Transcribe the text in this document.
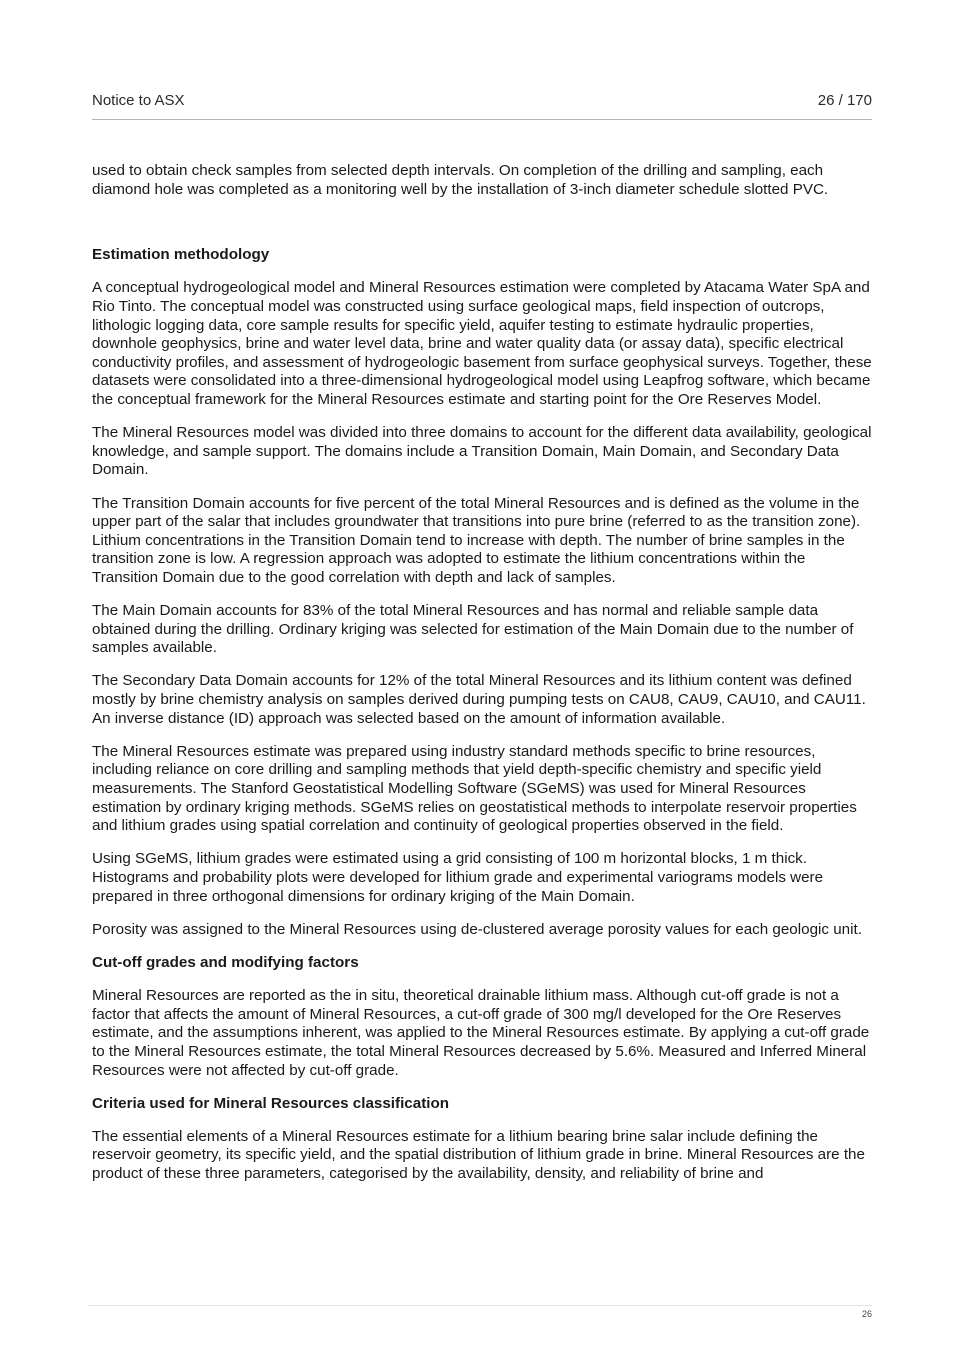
Notice to ASX	26 / 170

used to obtain check samples from selected depth intervals. On completion of the drilling and sampling, each diamond hole was completed as a monitoring well by the installation of 3-inch diameter schedule slotted PVC.

Estimation methodology

A conceptual hydrogeological model and Mineral Resources estimation were completed by Atacama Water SpA and Rio Tinto. The conceptual model was constructed using surface geological maps, field inspection of outcrops, lithologic logging data, core sample results for specific yield, aquifer testing to estimate hydraulic properties, downhole geophysics, brine and water level data, brine and water quality data (or assay data), specific electrical conductivity profiles, and assessment of hydrogeologic basement from surface geophysical surveys. Together, these datasets were consolidated into a three-dimensional hydrogeological model using Leapfrog software, which became the conceptual framework for the Mineral Resources estimate and starting point for the Ore Reserves Model.

The Mineral Resources model was divided into three domains to account for the different data availability, geological knowledge, and sample support. The domains include a Transition Domain, Main Domain, and Secondary Data Domain.

The Transition Domain accounts for five percent of the total Mineral Resources and is defined as the volume in the upper part of the salar that includes groundwater that transitions into pure brine (referred to as the transition zone). Lithium concentrations in the Transition Domain tend to increase with depth. The number of brine samples in the transition zone is low. A regression approach was adopted to estimate the lithium concentrations within the Transition Domain due to the good correlation with depth and lack of samples.

The Main Domain accounts for 83% of the total Mineral Resources and has normal and reliable sample data obtained during the drilling. Ordinary kriging was selected for estimation of the Main Domain due to the number of samples available.

The Secondary Data Domain accounts for 12% of the total Mineral Resources and its lithium content was defined mostly by brine chemistry analysis on samples derived during pumping tests on CAU8, CAU9, CAU10, and CAU11. An inverse distance (ID) approach was selected based on the amount of information available.

The Mineral Resources estimate was prepared using industry standard methods specific to brine resources, including reliance on core drilling and sampling methods that yield depth-specific chemistry and specific yield measurements. The Stanford Geostatistical Modelling Software (SGeMS) was used for Mineral Resources estimation by ordinary kriging methods. SGeMS relies on geostatistical methods to interpolate reservoir properties and lithium grades using spatial correlation and continuity of geological properties observed in the field.

Using SGeMS, lithium grades were estimated using a grid consisting of 100 m horizontal blocks, 1 m thick. Histograms and probability plots were developed for lithium grade and experimental variograms models were prepared in three orthogonal dimensions for ordinary kriging of the Main Domain.

Porosity was assigned to the Mineral Resources using de-clustered average porosity values for each geologic unit.

Cut-off grades and modifying factors

Mineral Resources are reported as the in situ, theoretical drainable lithium mass. Although cut-off grade is not a factor that affects the amount of Mineral Resources, a cut-off grade of 300 mg/l developed for the Ore Reserves estimate, and the assumptions inherent, was applied to the Mineral Resources estimate. By applying a cut-off grade to the Mineral Resources estimate, the total Mineral Resources decreased by 5.6%. Measured and Inferred Mineral Resources were not affected by cut-off grade.

Criteria used for Mineral Resources classification

The essential elements of a Mineral Resources estimate for a lithium bearing brine salar include defining the reservoir geometry, its specific yield, and the spatial distribution of lithium grade in brine. Mineral Resources are the product of these three parameters, categorised by the availability, density, and reliability of brine and

26
